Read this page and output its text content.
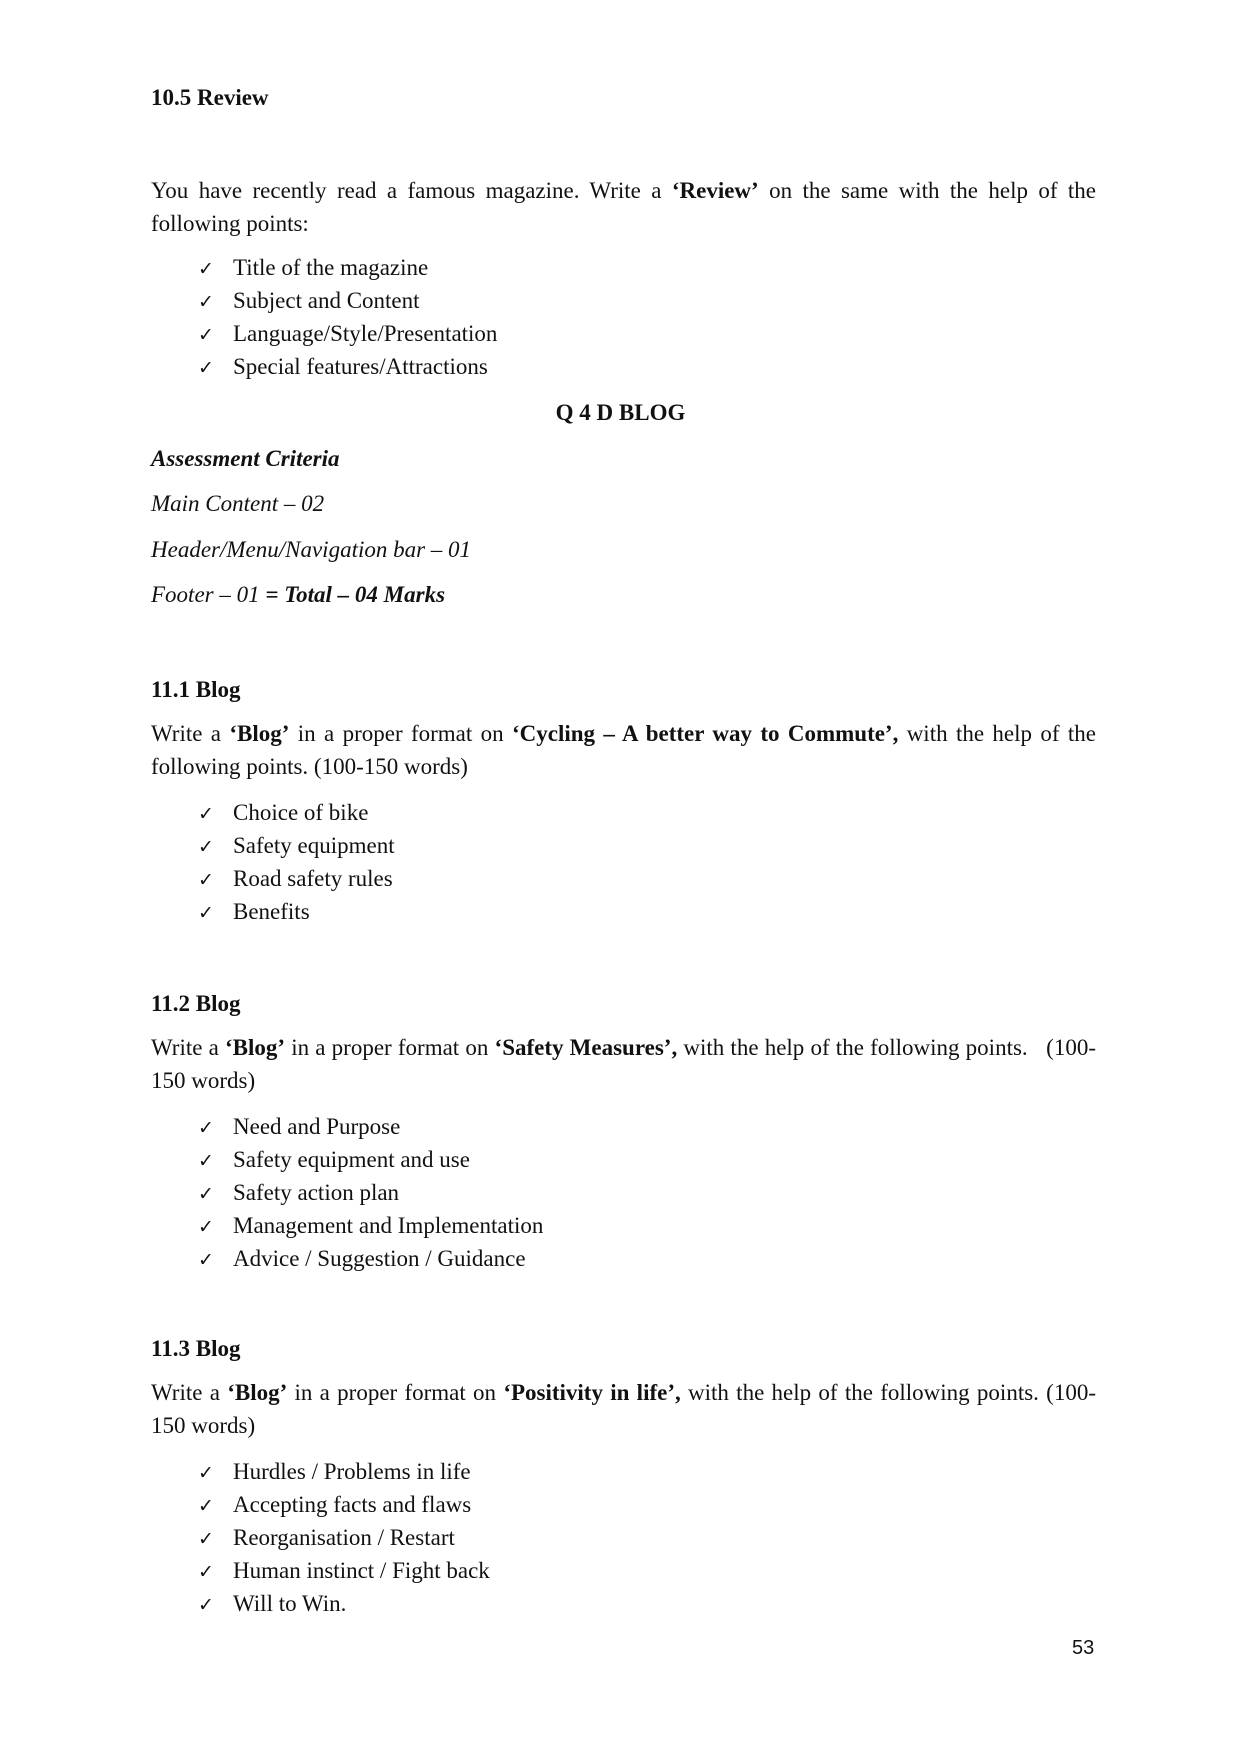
10.5 Review
You have recently read a famous magazine. Write a ‘Review’ on the same with the help of the following points:
✓ Title of the magazine
✓ Subject and Content
✓ Language/Style/Presentation
✓ Special features/Attractions
Q 4 D BLOG
Assessment Criteria
Main Content – 02
Header/Menu/Navigation bar – 01
Footer – 01 = Total – 04 Marks
11.1 Blog
Write a ‘Blog’ in a proper format on ‘Cycling – A better way to Commute’, with the help of the following points. (100-150 words)
✓ Choice of bike
✓ Safety equipment
✓ Road safety rules
✓ Benefits
11.2 Blog
Write a ‘Blog’ in a proper format on ‘Safety Measures’, with the help of the following points.   (100-150 words)
✓ Need and Purpose
✓ Safety equipment and use
✓ Safety action plan
✓ Management and Implementation
✓ Advice / Suggestion / Guidance
11.3 Blog
Write a ‘Blog’ in a proper format on ‘Positivity in life’, with the help of the following points. (100-150 words)
✓ Hurdles / Problems in life
✓ Accepting facts and flaws
✓ Reorganisation / Restart
✓ Human instinct / Fight back
✓ Will to Win.
53
